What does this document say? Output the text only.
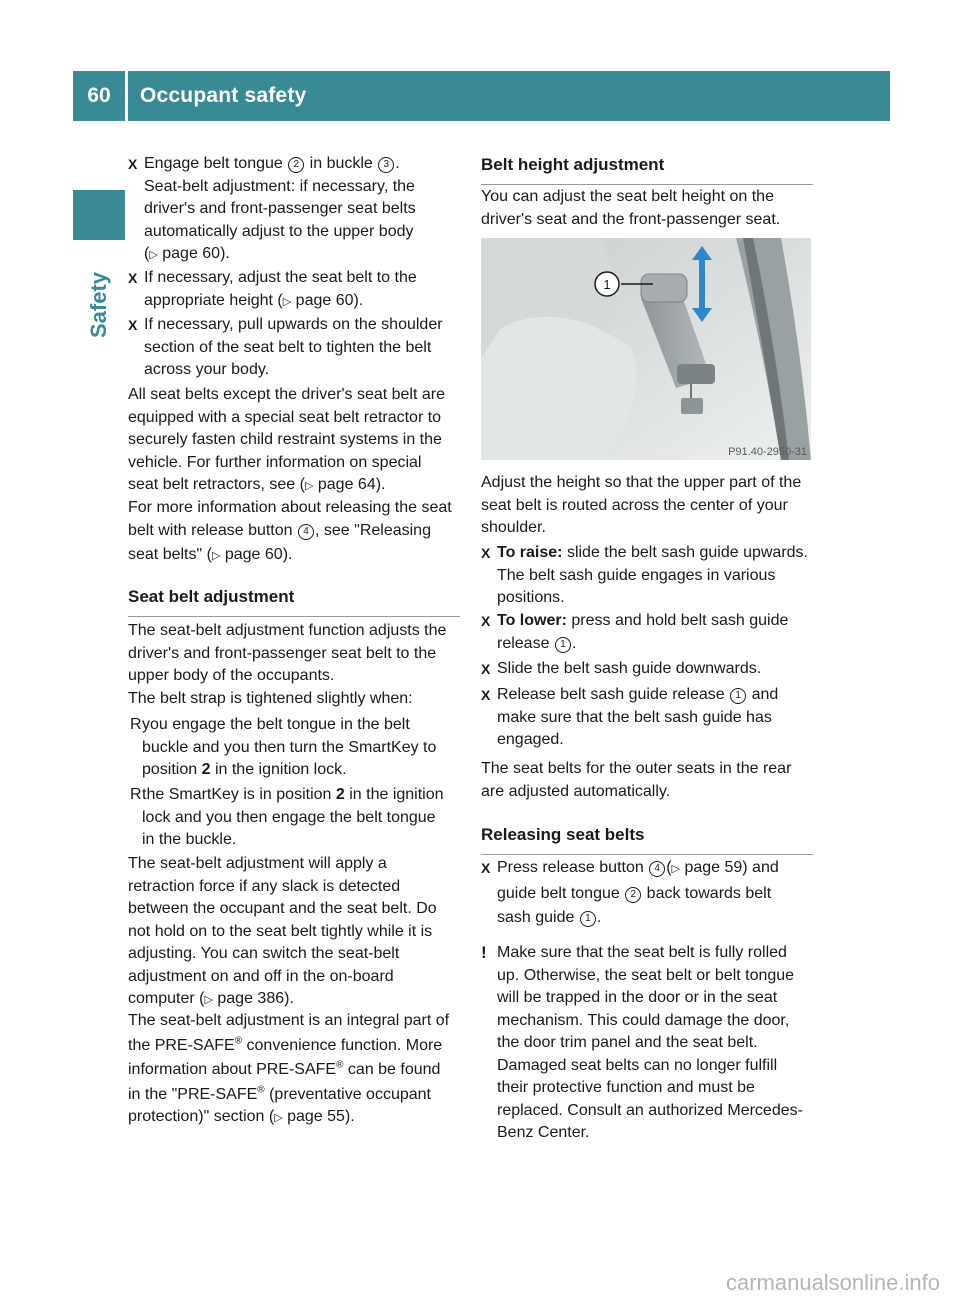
60	Occupant safety
Safety
X Engage belt tongue 2 in buckle 3 .
Seat-belt adjustment: if necessary, the
driver's and front-passenger seat belts
automatically adjust to the upper body
(▷ page 60).
X If necessary, adjust the seat belt to the
appropriate height (▷ page 60).
X If necessary, pull upwards on the shoulder
section of the seat belt to tighten the belt
across your body.
All seat belts except the driver's seat belt are
equipped with a special seat belt retractor to
securely fasten child restraint systems in the
vehicle. For further information on special
seat belt retractors, see (▷ page 64).
For more information about releasing the seat
belt with release button 4 , see "Releasing
seat belts" (▷ page 60).
Seat belt adjustment
The seat-belt adjustment function adjusts the
driver's and front-passenger seat belt to the
upper body of the occupants.
The belt strap is tightened slightly when:
R you engage the belt tongue in the belt
buckle and you then turn the SmartKey to
position 2 in the ignition lock.
R the SmartKey is in position 2 in the ignition
lock and you then engage the belt tongue
in the buckle.
The seat-belt adjustment will apply a
retraction force if any slack is detected
between the occupant and the seat belt. Do
not hold on to the seat belt tightly while it is
adjusting. You can switch the seat-belt
adjustment on and off in the on-board
computer (▷ page 386).
The seat-belt adjustment is an integral part of
the PRE-SAFE® convenience function. More
information about PRE-SAFE® can be found
in the "PRE-SAFE® (preventative occupant
protection)" section (▷ page 55).
Belt height adjustment
You can adjust the seat belt height on the
driver's seat and the front-passenger seat.
Adjust the height so that the upper part of the
seat belt is routed across the center of your
shoulder.
X To raise: slide the belt sash guide upwards.
The belt sash guide engages in various
positions.
X To lower: press and hold belt sash guide
release 1 .
X Slide the belt sash guide downwards.
X Release belt sash guide release 1 and
make sure that the belt sash guide has
engaged.
The seat belts for the outer seats in the rear
are adjusted automatically.
Releasing seat belts
X Press release button 4 (▷ page 59) and
guide belt tongue 2 back towards belt
sash guide 1 .
! Make sure that the seat belt is fully rolled
up. Otherwise, the seat belt or belt tongue
will be trapped in the door or in the seat
mechanism. This could damage the door,
the door trim panel and the seat belt.
Damaged seat belts can no longer fulfill
their protective function and must be
replaced. Consult an authorized Mercedes-
Benz Center.
1
P91.40-2950-31
carmanualsonline.info
